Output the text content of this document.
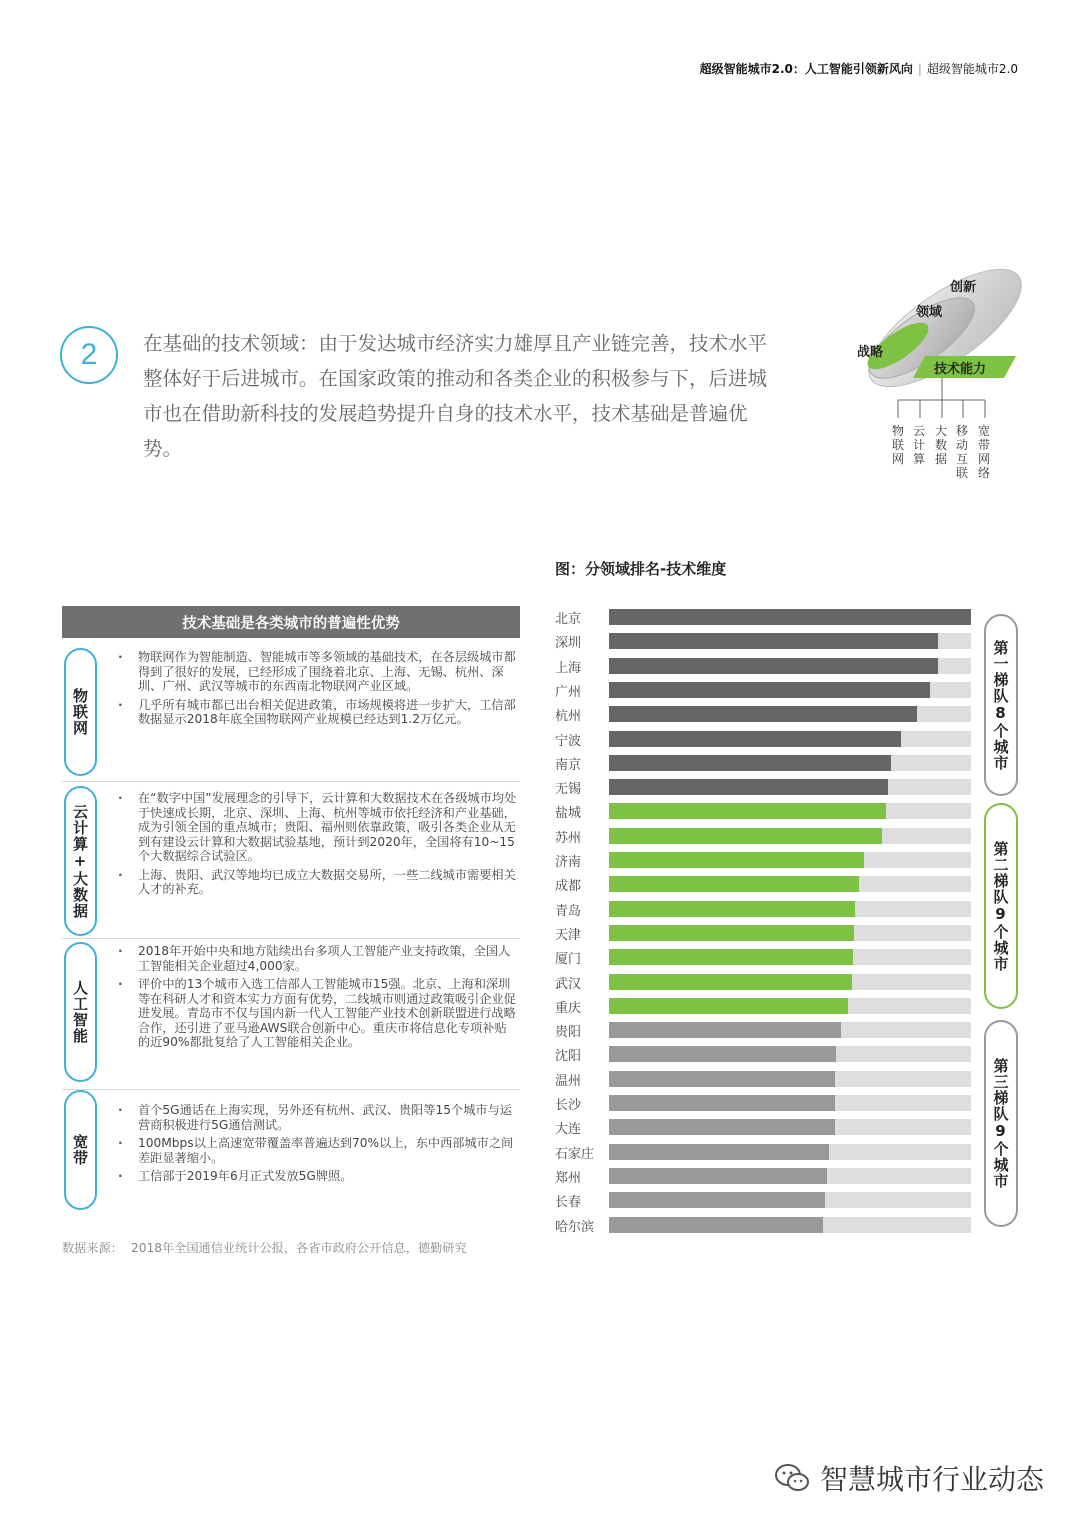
超级智能城市2.0：人工智能引领新风向 | 超级智能城市2.0
2	在基础的技术领域：由于发达城市经济实力雄厚且产业链完善，技术水平整体好于后进城市。在国家政策的推动和各类企业的积极参与下，后进城市也在借助新科技的发展趋势提升自身的技术水平，技术基础是普遍优势。
创新
领域
战略
技术能力
物联网
云计算
大数据
移动互联
宽带网络
图：分领域排名-技术维度
技术基础是各类城市的普遍性优势
物联网
· 物联网作为智能制造、智能城市等多领域的基础技术，在各层级城市都得到了很好的发展，已经形成了围绕着北京、上海、无锡、杭州、深圳、广州、武汉等城市的东西南北物联网产业区域。
· 几乎所有城市都已出台相关促进政策，市场规模将进一步扩大，工信部数据显示2018年底全国物联网产业规模已经达到1.2万亿元。
云计算+大数据
· 在“数字中国”发展理念的引导下，云计算和大数据技术在各级城市均处于快速成长期，北京、深圳、上海、杭州等城市依托经济和产业基础，成为引领全国的重点城市；贵阳、福州则依靠政策，吸引各类企业从无到有建设云计算和大数据试验基地，预计到2020年，全国将有10~15个大数据综合试验区。
· 上海、贵阳、武汉等地均已成立大数据交易所，一些二线城市需要相关人才的补充。
人工智能
· 2018年开始中央和地方陆续出台多项人工智能产业支持政策，全国人工智能相关企业超过4,000家。
· 评价中的13个城市入选工信部人工智能城市15强。北京、上海和深圳等在科研人才和资本实力方面有优势，二线城市则通过政策吸引企业促进发展。青岛市不仅与国内新一代人工智能产业技术创新联盟进行战略合作，还引进了亚马逊AWS联合创新中心。重庆市将信息化专项补贴的近90%都批复给了人工智能相关企业。
宽带
· 首个5G通话在上海实现，另外还有杭州、武汉、贵阳等15个城市与运营商积极进行5G通信测试。
· 100Mbps以上高速宽带覆盖率普遍达到70%以上，东中西部城市之间差距显著缩小。
· 工信部于2019年6月正式发放5G牌照。
数据来源： 2018年全国通信业统计公报，各省市政府公开信息，德勤研究
北京
深圳
上海
广州
杭州
宁波
南京
无锡
盐城
苏州
济南
成都
青岛
天津
厦门
武汉
重庆
贵阳
沈阳
温州
长沙
大连
石家庄
郑州
长春
哈尔滨
第一梯队8个城市
第二梯队9个城市
第三梯队9个城市
智慧城市行业动态
